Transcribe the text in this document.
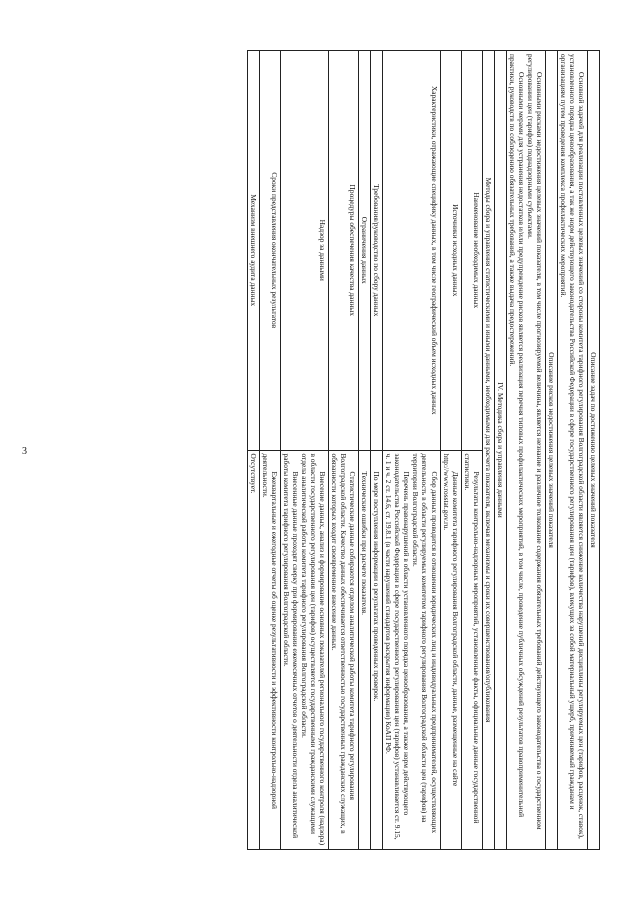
3	Описание задач по достижению целевых значений показателя	

Основной задачей для реализации поставленных целевых значений со стороны комитета тарифного регулирования Волгоградской области является снижение количества нарушений дисциплины регулируемых цен (тарифов, расценок, ставок), установленного порядка ценообразования, а так же норм действующего законодательства Российской Федерации в сфере государственного регулирования цен (тарифов), влекущих за собой материальный ущерб, причиняемый гражданам и организациям путем проведения комплекса профилактических мероприятий.	

Описание рисков недостижения целевых значений показателя	

Основными рисками недостижения целевых значений показателя, в том числе прогнозируемой величины, является незнание и различное толкование содержания обязательных требований действующего законодательства о государственном регулировании цен (тарифов) поднадзорными субъектами.

Основными мерами для устранения недостатков и/или предупреждение рисков является реализация перечня типовых профилактических мероприятий, в том числе, проведение публичных обсуждений результатов правоприменительной практики, руководств по соблюдению обязательных требований, а также выдача предостережений.	

IV. Методика сбора и управления данными	
Методы сбора и управления статистическими и иными данными, необходимыми для расчета показателя, включая механизмы и сроки их совершенствования/опубликования	
Наименование необходимых данных	Результаты контрольно-надзорных мероприятий, установленные факты, официальные данные государственной статистики.

Источники исходных данных	Данные комитета тарифного регулирования Волгоградской области, данные, размещенные на сайте http://www.rosstat.gov.ru.

Характеристики, отражающие специфику данных, в том числе географический объем исходных данных	Сбор данных проводится в отношении юридических лиц и индивидуальных предпринимателей, осуществляющих деятельность в области регулируемых комитетом тарифного регулирования Волгоградской области цен (тарифов) на территории Волгоградской области.

Перечень правонарушений в области установленного порядка ценообразования, а также норм действующего законодательства Российской Федерации в сфере государственного регулирования цен (тарифов) устанавливается ст. 9.15, ч. 1 и ч. 2 ст. 14.6, ст. 19.8.1 (в части нарушений стандартов раскрытия информации) КоАП РФ.

Требования/руководство по сбору данных	По мере поступления информации о результатах проведенных проверок.

Ограничения данных	Технические ошибки при расчете показателя.

Процедуры обеспечения качества данных	Статистические данные собираются отделом аналитической работы комитета тарифного регулирования Волгоградской области. Качество данных обеспечивается ответственностью государственных гражданских служащих, в обязанности которых входит своевременное внесение данных.

Надзор за данными	Внесение данных, анализ и формирование основных показателей регионального государственного контроля (надзора) в области государственного регулирования цен (тарифов) осуществляется государственными гражданскими служащими отдела аналитической работы комитета тарифного регулирования Волгоградской области.

Внесенные данные проходят сверку при формировании ежемесячных отчетов о деятельности отдела аналитической работы комитета тарифного регулирования Волгоградской области.

Сроки представления окончательных результатов	Ежеквартальные и ежегодные отчеты об оценке результативности и эффективности контрольно-надзорной деятельности.

Механизм внешнего аудита данных	Отсутствует.
